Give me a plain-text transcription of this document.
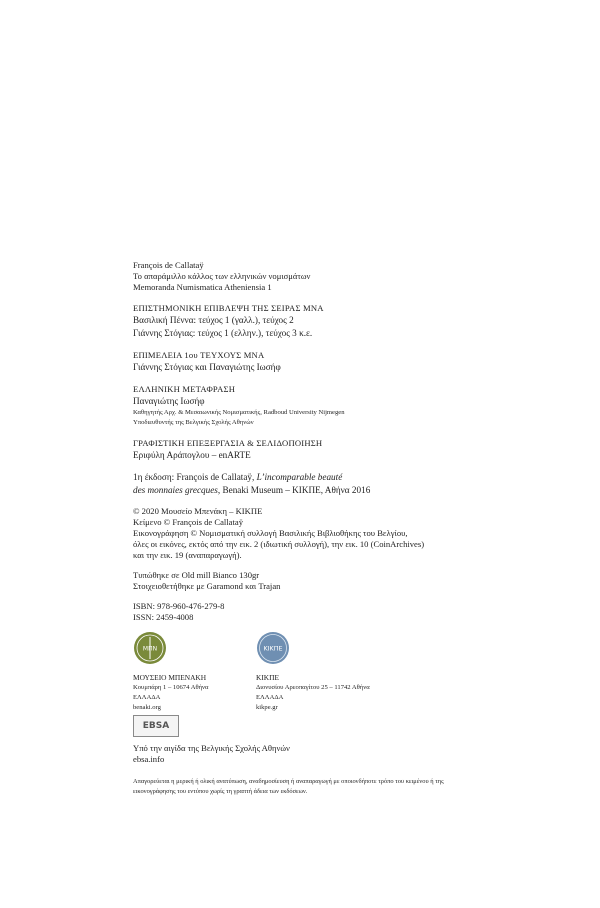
François de Callataÿ
Το απαράμιλλο κάλλος των ελληνικών νομισμάτων
Memoranda Numismatica Atheniensia 1
ΕΠΙΣΤΗΜΟΝΙΚΗ ΕΠΙΒΛΕΨΗ ΤΗΣ ΣΕΙΡΑΣ ΜΝΑ
Βασιλική Πέννα: τεύχος 1 (γαλλ.), τεύχος 2
Γιάννης Στόγιας: τεύχος 1 (ελλην.), τεύχος 3 κ.ε.
ΕΠΙΜΕΛΕΙΑ 1ου ΤΕΥΧΟΥΣ ΜΝΑ
Γιάννης Στόγιας και Παναγιώτης Ιωσήφ
ΕΛΛΗΝΙΚΗ ΜΕΤΑΦΡΑΣΗ
Παναγιώτης Ιωσήφ
Καθηγητής Αρχ. & Μεσαιωνικής Νομισματικής, Radboud University Nijmegen
Υποδιευθυντής της Βελγικής Σχολής Αθηνών
ΓΡΑΦΙΣΤΙΚΗ ΕΠΕΞΕΡΓΑΣΙΑ & ΣΕΛΙΔΟΠΟΙΗΣΗ
Εριφύλη Αράπογλου – enARTE
1η έκδοση: François de Callataÿ, L’incomparable beauté
des monnaies grecques, Benaki Museum – ΚΙΚΠΕ, Αθήνα 2016
© 2020 Μουσείο Μπενάκη – ΚΙΚΠΕ
Κείμενο © François de Callataÿ
Εικονογράφηση © Νομισματική συλλογή Βασιλικής Βιβλιοθήκης του Βελγίου,
όλες οι εικόνες, εκτός από την εικ. 2 (ιδιωτική συλλογή), την εικ. 10 (CoinArchives)
και την εικ. 19 (αναπαραγωγή).
Τυπώθηκε σε Old mill Bianco 130gr
Στοιχειοθετήθηκε με Garamond και Trajan
ISBN: 978-960-476-279-8
ISSN: 2459-4008
ΜΠΝ
ΜΟΥΣΕΙΟ ΜΠΕΝΑΚΗ
Κουμπάρη 1 – 10674 Αθήνα
ΕΛΛΑΔΑ
benaki.org
ΚΙΚΠΕ
ΚΙΚΠΕ
Διονυσίου Αρεοπαγίτου 25 – 11742 Αθήνα
ΕΛΛΑΔΑ
kikpe.gr
EBSA
Υπό την αιγίδα της Βελγικής Σχολής Αθηνών
ebsa.info
Απαγορεύεται η μερική ή ολική ανατύπωση, αναδημοσίευση ή αναπαραγωγή με οποιονδήποτε τρόπο του κειμένου ή της εικονογράφησης του εντύπου χωρίς τη γραπτή άδεια των εκδόσεων.
